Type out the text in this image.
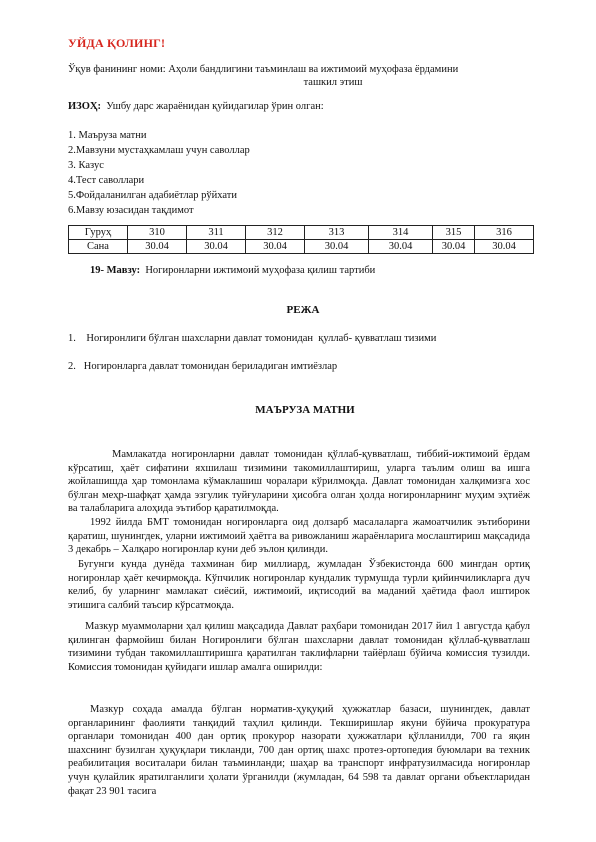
УЙДА ҚОЛИНГ!
Ўқув фанининг номи: Аҳоли бандлигини таъминлаш ва ижтимоий муҳофаза ёрдамини
ташкил этиш
ИЗОҲ: Ушбу дарс жараёнидан қуйидагилар ўрин олган:
1. Маъруза матни
2.Мавзуни мустаҳкамлаш учун саволлар
3. Казус
4.Тест саволлари
5.Фойдаланилган адабиётлар рўйхати
6.Мавзу юзасидан тақдимот
Гуруҳ	310	311	312	313	314	315	316
Сана	30.04	30.04	30.04	30.04	30.04	30.04	30.04
19- Мавзу: Ногиронларни ижтимоий муҳофаза қилиш тартиби
РЕЖА
1.    Ногиронлиги бўлган шахсларни давлат томонидан  қуллаб- қувватлаш тизими
2.   Ногиронларга давлат томонидан бериладиган имтиёзлар
МАЪРУЗА МАТНИ
Мамлакатда ногиронларни давлат томонидан қўллаб-қувватлаш, тиббий-ижтимоий ёрдам кўрсатиш, ҳаёт сифатини яхшилаш тизимини такомиллаштириш, уларга таълим олиш ва ишга жойлашишда ҳар томонлама кўмаклашиш чоралари кўрилмоқда. Давлат томонидан халқимизга хос бўлган меҳр-шафқат ҳамда эзгулик туйғуларини ҳисобга олган ҳолда ногиронларнинг муҳим эҳтиёж ва талабларига алоҳида эътибор қаратилмоқда.
1992 йилда БМТ томонидан ногиронларга оид долзарб масалаларга жамоатчилик эътиборини қаратиш, шунингдек, уларни ижтимоий ҳаётга ва ривожланиш жараёнларига мослаштириш мақсадида 3 декабрь – Халқаро ногиронлар куни деб эълон қилинди.
Бугунги кунда дунёда тахминан бир миллиард, жумладан Ўзбекистонда 600 мингдан ортиқ ногиронлар ҳаёт кечирмоқда. Кўпчилик ногиронлар кундалик турмушда турли қийинчиликларга дуч келиб, бу уларнинг мамлакат сиёсий, ижтимоий, иқтисодий ва маданий ҳаётида фаол иштирок этишига салбий таъсир кўрсатмоқда.
Мазкур муаммоларни ҳал қилиш мақсадида Давлат раҳбари томонидан 2017 йил 1 августда қабул қилинган фармойиш билан Ногиронлиги бўлган шахсларни давлат томонидан қўллаб-қувватлаш тизимини тубдан такомиллаштиришга қаратилган таклифларни тайёрлаш бўйича комиссия тузилди. Комиссия томонидан қуйидаги ишлар амалга оширилди:
Мазкур соҳада амалда бўлган норматив-ҳуқуқий ҳужжатлар базаси, шунингдек, давлат органларининг фаолияти танқидий таҳлил қилинди. Текширишлар якуни бўйича прокуратура органлари томонидан 400 дан ортиқ прокурор назорати ҳужжатлари қўлланилди, 700 га яқин шахснинг бузилган ҳуқуқлари тикланди, 700 дан ортиқ шахс протез-ортопедия буюмлари ва техник реабилитация воситалари билан таъминланди; шаҳар ва транспорт инфратузилмасида ногиронлар учун қулайлик яратилганлиги ҳолати ўрганилди (жумладан, 64 598 та давлат органи объектларидан фақат 23 901 тасига
